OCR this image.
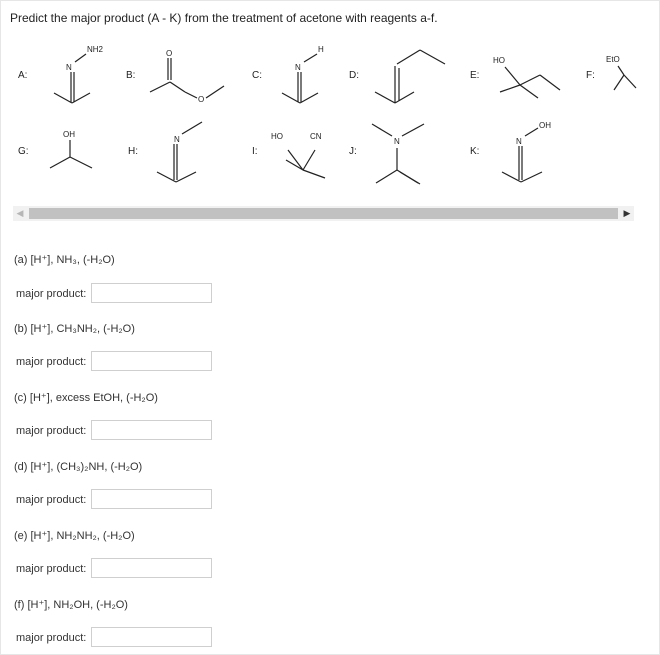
Predict the major product (A - K) from the treatment of acetone with reagents a-f.
A:	B:	C:	D:	E:	F:
G:	H:	I:	J:	K:
NH2
N
O
O
N
H
HO	EtO
OH
N	HO	CN
N
OH
N
◀	▶
(a) [H⁺], NH₃, (-H₂O)
major product:
(b) [H⁺], CH₃NH₂, (-H₂O)
major product:
(c) [H⁺], excess EtOH, (-H₂O)
major product:
(d) [H⁺], (CH₃)₂NH, (-H₂O)
major product:
(e) [H⁺], NH₂NH₂, (-H₂O)
major product:
(f) [H⁺], NH₂OH, (-H₂O)
major product:
